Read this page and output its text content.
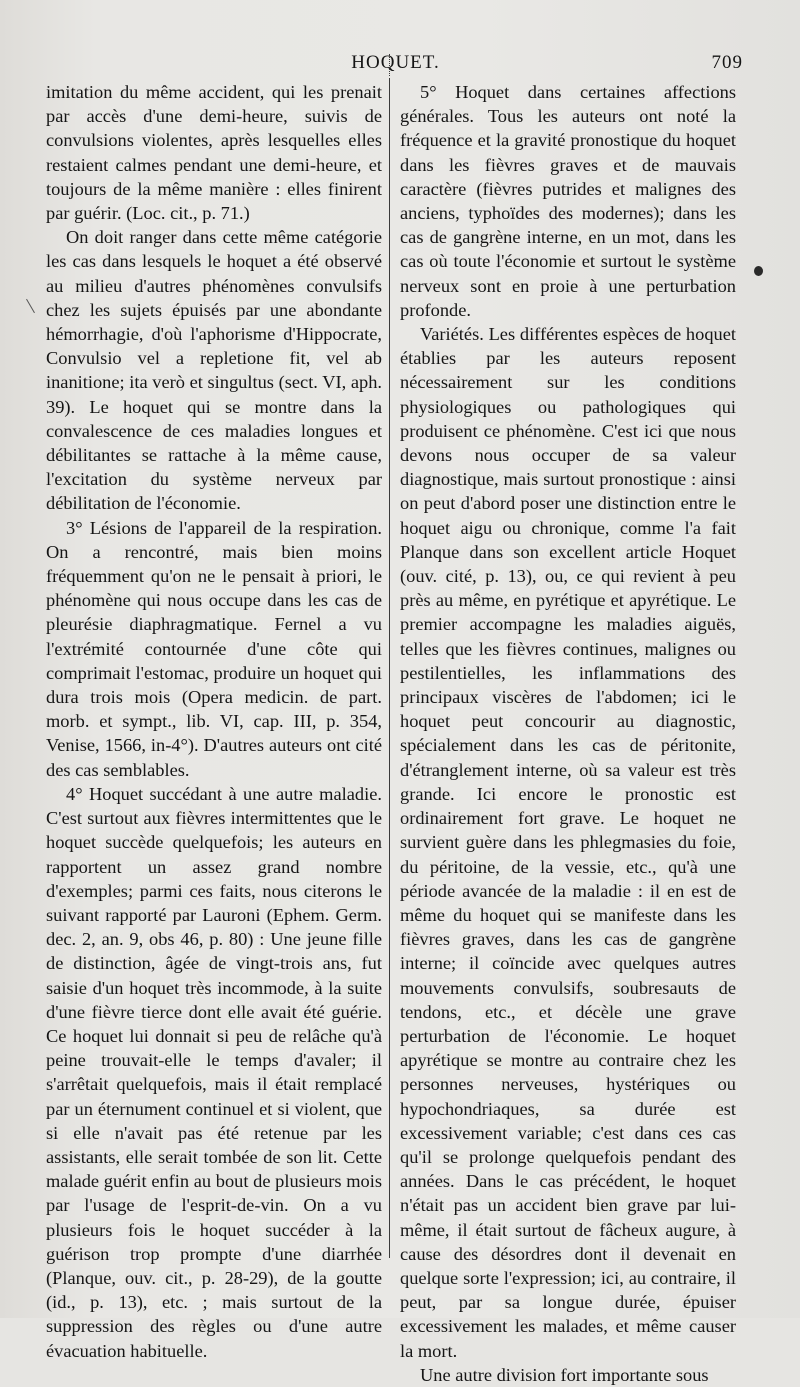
HOQUET.	709

imitation du même accident, qui les prenait par accès d'une demi-heure, suivis de convulsions violentes, après lesquelles elles restaient calmes pendant une demi-heure, et toujours de la même manière : elles finirent par guérir. (Loc. cit., p. 71.)

On doit ranger dans cette même catégorie les cas dans lesquels le hoquet a été observé au milieu d'autres phénomènes convulsifs chez les sujets épuisés par une abondante hémorrhagie, d'où l'aphorisme d'Hippocrate, Convulsio vel a repletione fit, vel ab inanitione; ita verò et singultus (sect. VI, aph. 39). Le hoquet qui se montre dans la convalescence de ces maladies longues et débilitantes se rattache à la même cause, l'excitation du système nerveux par débilitation de l'économie.

3° Lésions de l'appareil de la respiration. On a rencontré, mais bien moins fréquemment qu'on ne le pensait à priori, le phénomène qui nous occupe dans les cas de pleurésie diaphragmatique. Fernel a vu l'extrémité contournée d'une côte qui comprimait l'estomac, produire un hoquet qui dura trois mois (Opera medicin. de part. morb. et sympt., lib. VI, cap. III, p. 354, Venise, 1566, in-4°). D'autres auteurs ont cité des cas semblables.

4° Hoquet succédant à une autre maladie. C'est surtout aux fièvres intermittentes que le hoquet succède quelquefois; les auteurs en rapportent un assez grand nombre d'exemples; parmi ces faits, nous citerons le suivant rapporté par Lauroni (Ephem. Germ. dec. 2, an. 9, obs 46, p. 80) : Une jeune fille de distinction, âgée de vingt-trois ans, fut saisie d'un hoquet très incommode, à la suite d'une fièvre tierce dont elle avait été guérie. Ce hoquet lui donnait si peu de relâche qu'à peine trouvait-elle le temps d'avaler; il s'arrêtait quelquefois, mais il était remplacé par un éternument continuel et si violent, que si elle n'avait pas été retenue par les assistants, elle serait tombée de son lit. Cette malade guérit enfin au bout de plusieurs mois par l'usage de l'esprit-de-vin. On a vu plusieurs fois le hoquet succéder à la guérison trop prompte d'une diarrhée (Planque, ouv. cit., p. 28-29), de la goutte (id., p. 13), etc. ; mais surtout de la suppression des règles ou d'une autre évacuation habituelle.

5° Hoquet dans certaines affections générales. Tous les auteurs ont noté la fréquence et la gravité pronostique du hoquet dans les fièvres graves et de mauvais caractère (fièvres putrides et malignes des anciens, typhoïdes des modernes); dans les cas de gangrène interne, en un mot, dans les cas où toute l'économie et surtout le système nerveux sont en proie à une perturbation profonde.

Variétés. Les différentes espèces de hoquet établies par les auteurs reposent nécessairement sur les conditions physiologiques ou pathologiques qui produisent ce phénomène. C'est ici que nous devons nous occuper de sa valeur diagnostique, mais surtout pronostique : ainsi on peut d'abord poser une distinction entre le hoquet aigu ou chronique, comme l'a fait Planque dans son excellent article Hoquet (ouv. cité, p. 13), ou, ce qui revient à peu près au même, en pyrétique et apyrétique. Le premier accompagne les maladies aiguës, telles que les fièvres continues, malignes ou pestilentielles, les inflammations des principaux viscères de l'abdomen; ici le hoquet peut concourir au diagnostic, spécialement dans les cas de péritonite, d'étranglement interne, où sa valeur est très grande. Ici encore le pronostic est ordinairement fort grave. Le hoquet ne survient guère dans les phlegmasies du foie, du péritoine, de la vessie, etc., qu'à une période avancée de la maladie : il en est de même du hoquet qui se manifeste dans les fièvres graves, dans les cas de gangrène interne; il coïncide avec quelques autres mouvements convulsifs, soubresauts de tendons, etc., et décèle une grave perturbation de l'économie. Le hoquet apyrétique se montre au contraire chez les personnes nerveuses, hystériques ou hypochondriaques, sa durée est excessivement variable; c'est dans ces cas qu'il se prolonge quelquefois pendant des années. Dans le cas précédent, le hoquet n'était pas un accident bien grave par lui-même, il était surtout de fâcheux augure, à cause des désordres dont il devenait en quelque sorte l'expression; ici, au contraire, il peut, par sa longue durée, épuiser excessivement les malades, et même causer la mort.

Une autre division fort importante sous
